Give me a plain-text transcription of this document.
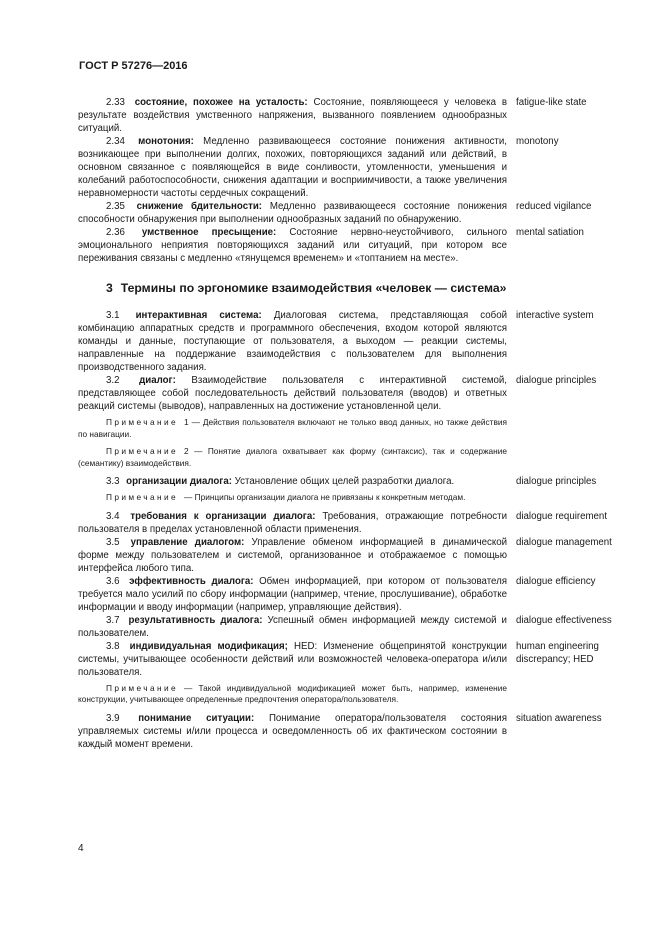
ГОСТ Р 57276—2016
2.33 состояние, похожее на усталость: Состояние, появляющееся у человека в результате воздействия умственного напряжения, вызванного появлением однообразных ситуаций.
fatigue-like state
2.34 монотония: Медленно развивающееся состояние понижения активности, возникающее при выполнении долгих, похожих, повторяющихся заданий или действий, в основном связанное с появляющейся в виде сонливости, утомленности, уменьшения и колебаний работоспособности, снижения адаптации и восприимчивости, а также увеличения неравномерности частоты сердечных сокращений.
monotony
2.35 снижение бдительности: Медленно развивающееся состояние понижения способности обнаружения при выполнении однообразных заданий по обнаружению.
reduced vigilance
2.36 умственное пресыщение: Состояние нервно-неустойчивого, сильного эмоционального неприятия повторяющихся заданий или ситуаций, при котором все переживания связаны с медленно «тянущемся временем» и «топтанием на месте».
mental satiation
3 Термины по эргономике взаимодействия «человек — система»
3.1 интерактивная система: Диалоговая система, представляющая собой комбинацию аппаратных средств и программного обеспечения, входом которой являются команды и данные, поступающие от пользователя, а выходом — реакции системы, направленные на поддержание взаимодействия с пользователем для выполнения производственного задания.
interactive system
3.2 диалог: Взаимодействие пользователя с интерактивной системой, представляющее собой последовательность действий пользователя (вводов) и ответных реакций системы (выводов), направленных на достижение установленной цели.
dialogue principles
Примечание 1 — Действия пользователя включают не только ввод данных, но также действия по навигации.
Примечание 2 — Понятие диалога охватывает как форму (синтаксис), так и содержание (семантику) взаимодействия.
3.3 организации диалога: Установление общих целей разработки диалога.	dialogue principles
Примечание — Принципы организации диалога не привязаны к конкретным методам.
3.4 требования к организации диалога: Требования, отражающие потребности пользователя в пределах установленной области применения.
dialogue requirement
3.5 управление диалогом: Управление обменом информацией в динамической форме между пользователем и системой, организованное и отображаемое с помощью интерфейса любого типа.
dialogue management
3.6 эффективность диалога: Обмен информацией, при котором от пользователя требуется мало усилий по сбору информации (например, чтение, прослушивание), обработке информации и вводу информации (например, управляющие действия).
dialogue efficiency
3.7 результативность диалога: Успешный обмен информацией между системой и пользователем.
dialogue effectiveness
3.8 индивидуальная модификация; HED: Изменение общепринятой конструкции системы, учитывающее особенности действий или возможностей человека-оператора и/или пользователя.
human engineering discrepancy; HED
Примечание — Такой индивидуальной модификацией может быть, например, изменение конструкции, учитывающее определенные предпочтения оператора/пользователя.
3.9 понимание ситуации: Понимание оператора/пользователя состояния управляемых системы и/или процесса и осведомленность об их фактическом состоянии в каждый момент времени.
situation awareness
4
